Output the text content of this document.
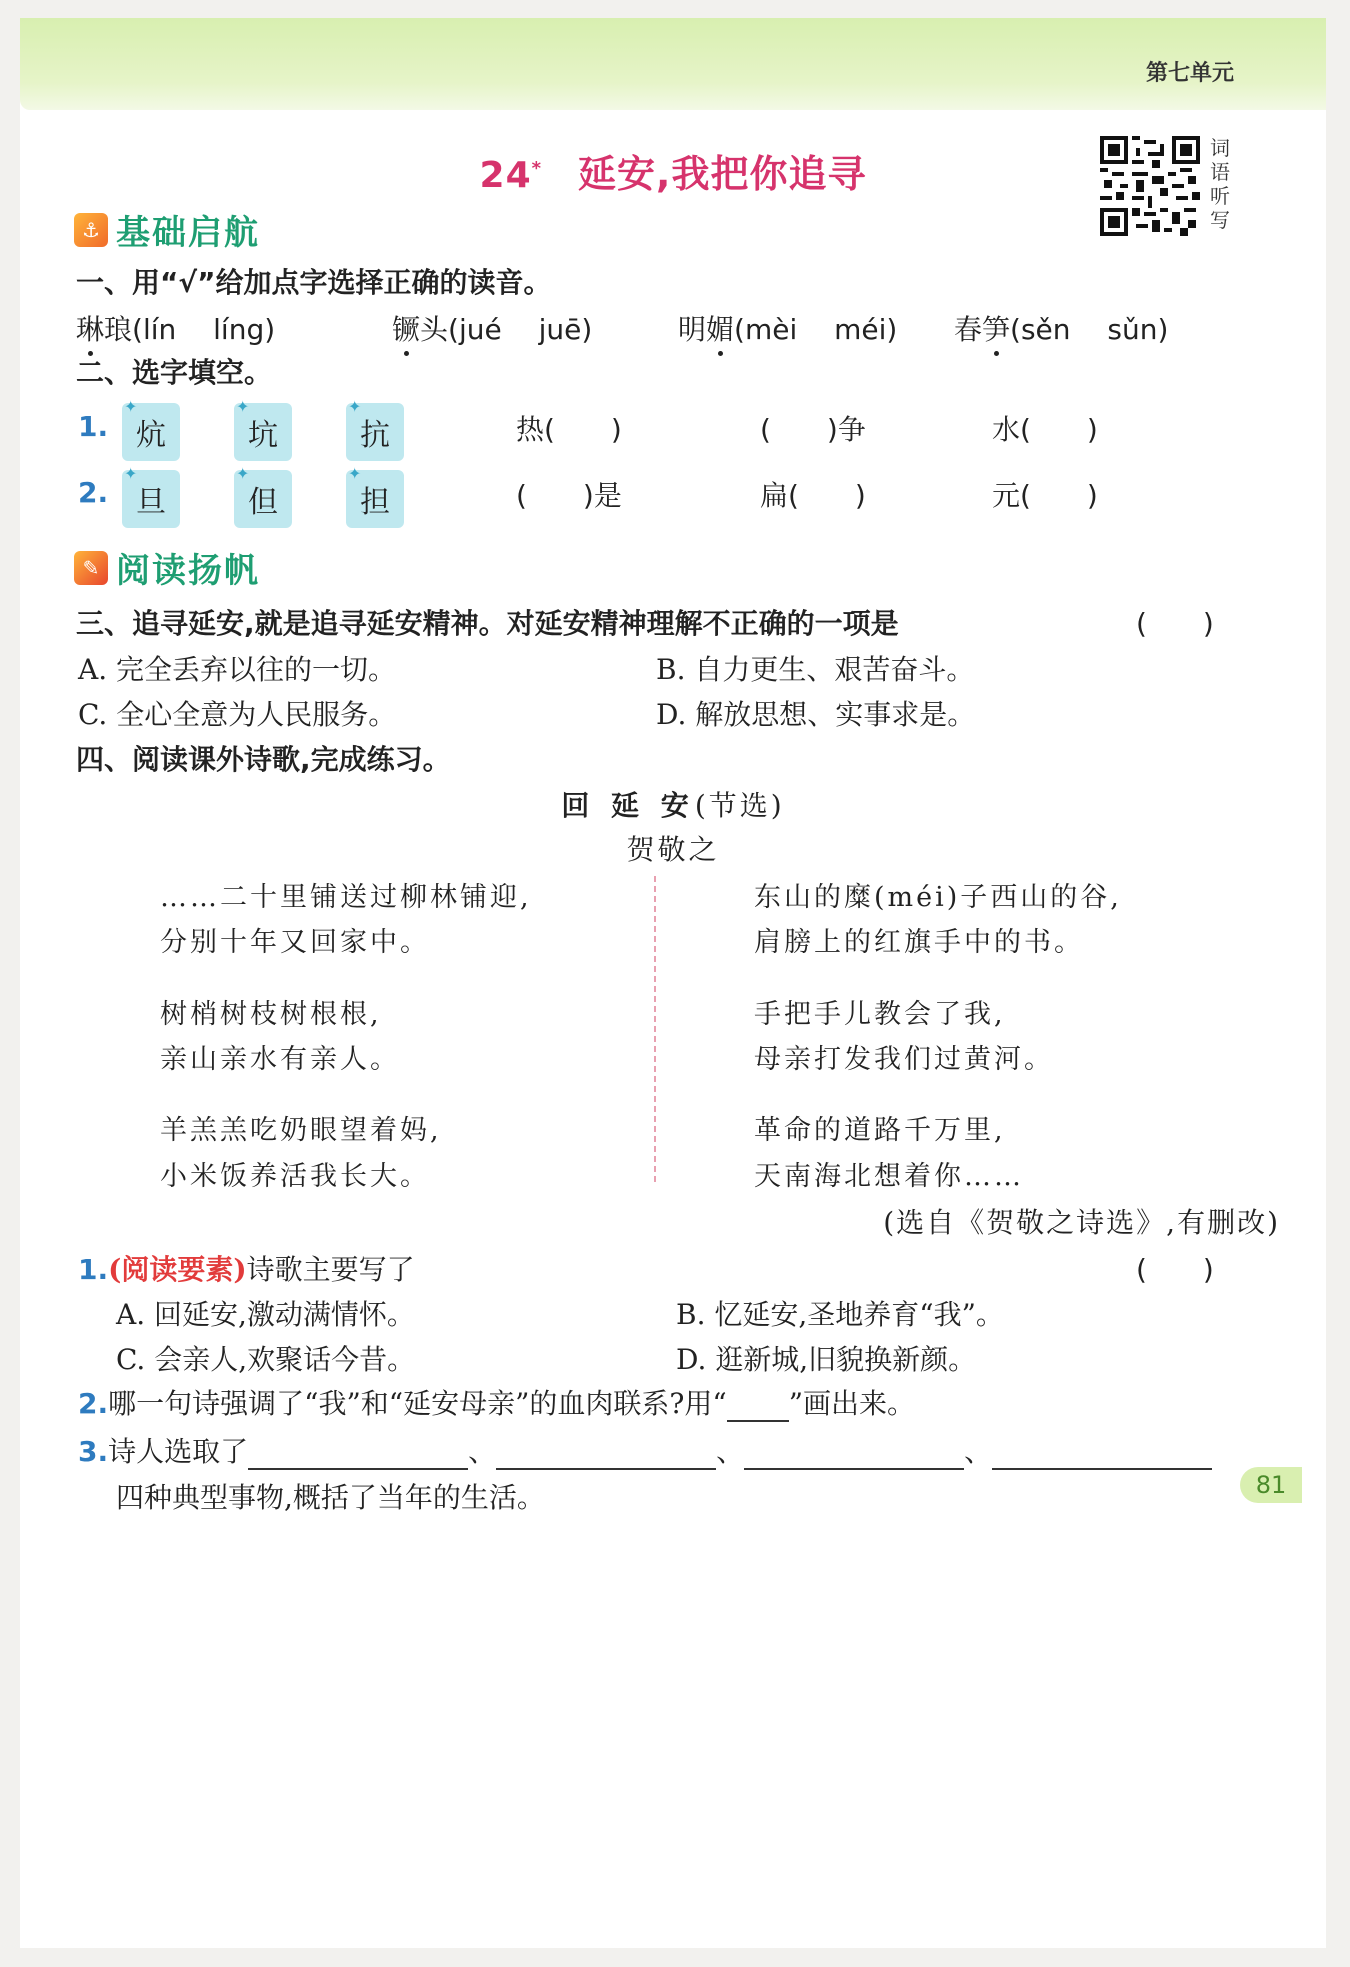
第七单元
24* 延安,我把你追寻
词
语
听
写
⚓ 基础启航
一、用“√”给加点字选择正确的读音。
琳琅(lín　 líng)	镢头(jué　 juē)	明媚(mèi　 méi) 春笋(sěn　 sǔn)
二、选字填空。
1. ✦ 炕	✦ 坑	✦ 抗	热(　　)	(　　)争	水(　　)
2. ✦ 旦	✦ 但	✦ 担	(　　)是	扁(　　)	元(　　)
✎ 阅读扬帆
三、追寻延安,就是追寻延安精神。对延安精神理解不正确的一项是	(　　)
A. 完全丢弃以往的一切。	B. 自力更生、艰苦奋斗。
C. 全心全意为人民服务。	D. 解放思想、实事求是。
四、阅读课外诗歌,完成练习。
回 延 安(节选)
贺敬之
……二十里铺送过柳林铺迎,
分别十年又回家中。
树梢树枝树根根,
亲山亲水有亲人。
羊羔羔吃奶眼望着妈,
小米饭养活我长大。
东山的糜(méi)子西山的谷,
肩膀上的红旗手中的书。
手把手儿教会了我,
母亲打发我们过黄河。
革命的道路千万里,
天南海北想着你……
(选自《贺敬之诗选》,有删改)
1.(阅读要素)诗歌主要写了	(　　)
A. 回延安,激动满情怀。	B. 忆延安,圣地养育“我”。
C. 会亲人,欢聚话今昔。	D. 逛新城,旧貌换新颜。
2.哪一句诗强调了“我”和“延安母亲”的血肉联系?用“ ”画出来。
3.诗人选取了	、	、	、
四种典型事物,概括了当年的生活。	81
